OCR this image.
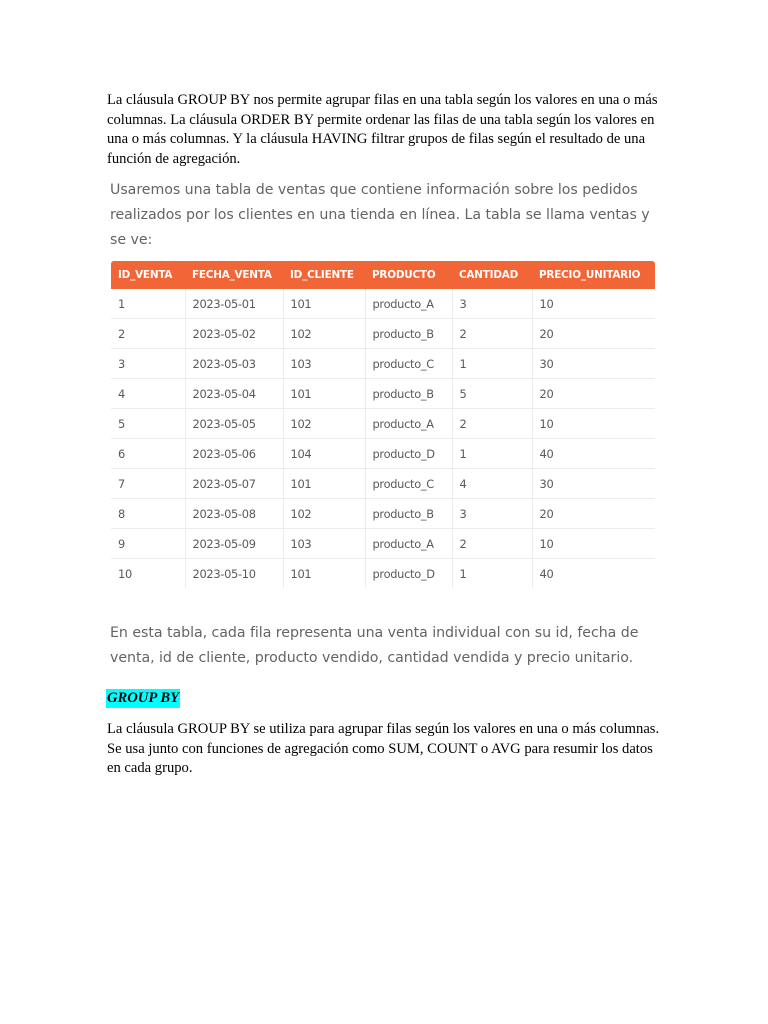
La cláusula GROUP BY nos permite agrupar filas en una tabla según los valores en una o más columnas. La cláusula ORDER BY permite ordenar las filas de una tabla según los valores en una o más columnas. Y la cláusula HAVING filtrar grupos de filas según el resultado de una función de agregación.

Usaremos una tabla de ventas que contiene información sobre los pedidos realizados por los clientes en una tienda en línea. La tabla se llama ventas y se ve:

ID_VENTA	FECHA_VENTA	ID_CLIENTE	PRODUCTO	CANTIDAD	PRECIO_UNITARIO
1	2023-05-01	101	producto_A	3	10
2	2023-05-02	102	producto_B	2	20
3	2023-05-03	103	producto_C	1	30
4	2023-05-04	101	producto_B	5	20
5	2023-05-05	102	producto_A	2	10
6	2023-05-06	104	producto_D	1	40
7	2023-05-07	101	producto_C	4	30
8	2023-05-08	102	producto_B	3	20
9	2023-05-09	103	producto_A	2	10
10	2023-05-10	101	producto_D	1	40

En esta tabla, cada fila representa una venta individual con su id, fecha de venta, id de cliente, producto vendido, cantidad vendida y precio unitario.

GROUP BY

La cláusula GROUP BY se utiliza para agrupar filas según los valores en una o más columnas. Se usa junto con funciones de agregación como SUM, COUNT o AVG para resumir los datos en cada grupo.
